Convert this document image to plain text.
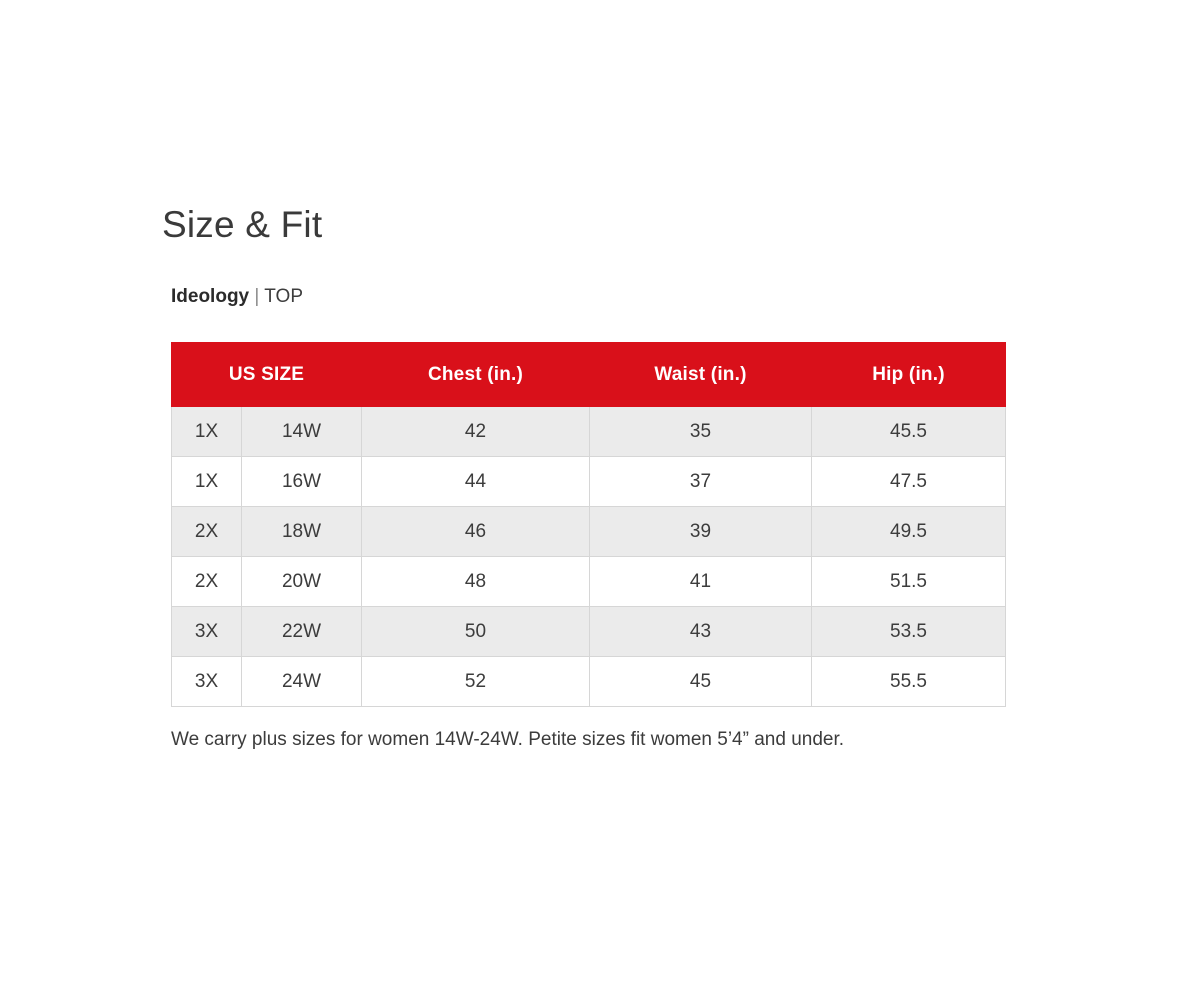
Size & Fit
Ideology | TOP
US SIZE		Chest (in.)	Waist (in.)	Hip (in.)
1X	14W	42	35	45.5
1X	16W	44	37	47.5
2X	18W	46	39	49.5
2X	20W	48	41	51.5
3X	22W	50	43	53.5
3X	24W	52	45	55.5
We carry plus sizes for women 14W-24W. Petite sizes fit women 5’4” and under.
